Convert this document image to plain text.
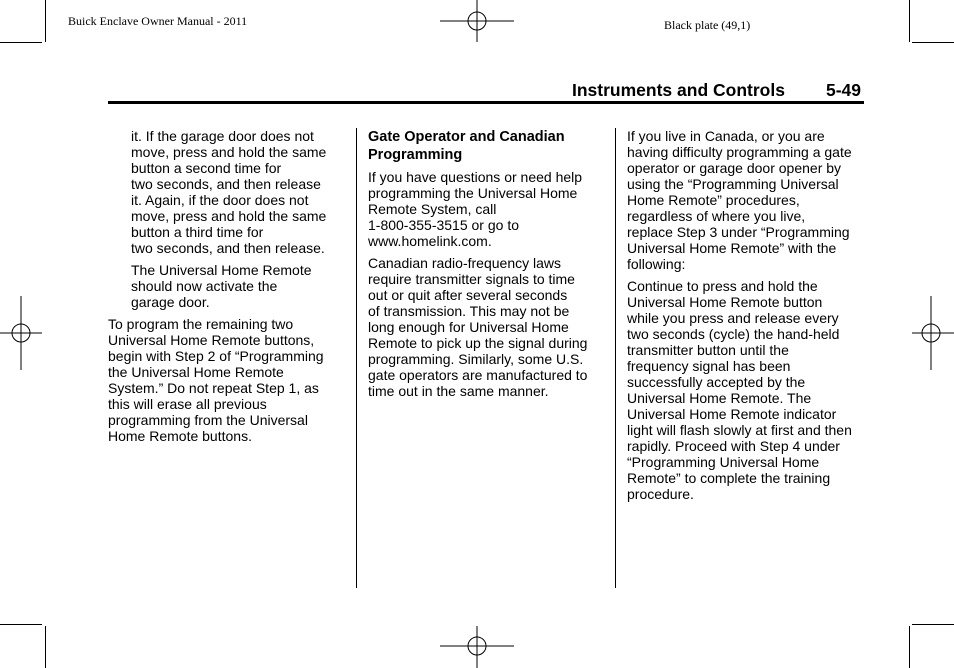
Buick Enclave Owner Manual - 2011	Black plate (49,1)
Instruments and Controls 5-49

it. If the garage door does not
move, press and hold the same
button a second time for
two seconds, and then release
it. Again, if the door does not
move, press and hold the same
button a third time for
two seconds, and then release.

The Universal Home Remote
should now activate the
garage door.

To program the remaining two
Universal Home Remote buttons,
begin with Step 2 of “Programming
the Universal Home Remote
System.” Do not repeat Step 1, as
this will erase all previous
programming from the Universal
Home Remote buttons.

Gate Operator and Canadian
Programming

If you have questions or need help
programming the Universal Home
Remote System, call
1-800-355-3515 or go to
www.homelink.com.

Canadian radio-frequency laws
require transmitter signals to time
out or quit after several seconds
of transmission. This may not be
long enough for Universal Home
Remote to pick up the signal during
programming. Similarly, some U.S.
gate operators are manufactured to
time out in the same manner.

If you live in Canada, or you are
having difficulty programming a gate
operator or garage door opener by
using the “Programming Universal
Home Remote” procedures,
regardless of where you live,
replace Step 3 under “Programming
Universal Home Remote” with the
following:

Continue to press and hold the
Universal Home Remote button
while you press and release every
two seconds (cycle) the hand-held
transmitter button until the
frequency signal has been
successfully accepted by the
Universal Home Remote. The
Universal Home Remote indicator
light will flash slowly at first and then
rapidly. Proceed with Step 4 under
“Programming Universal Home
Remote” to complete the training
procedure.
